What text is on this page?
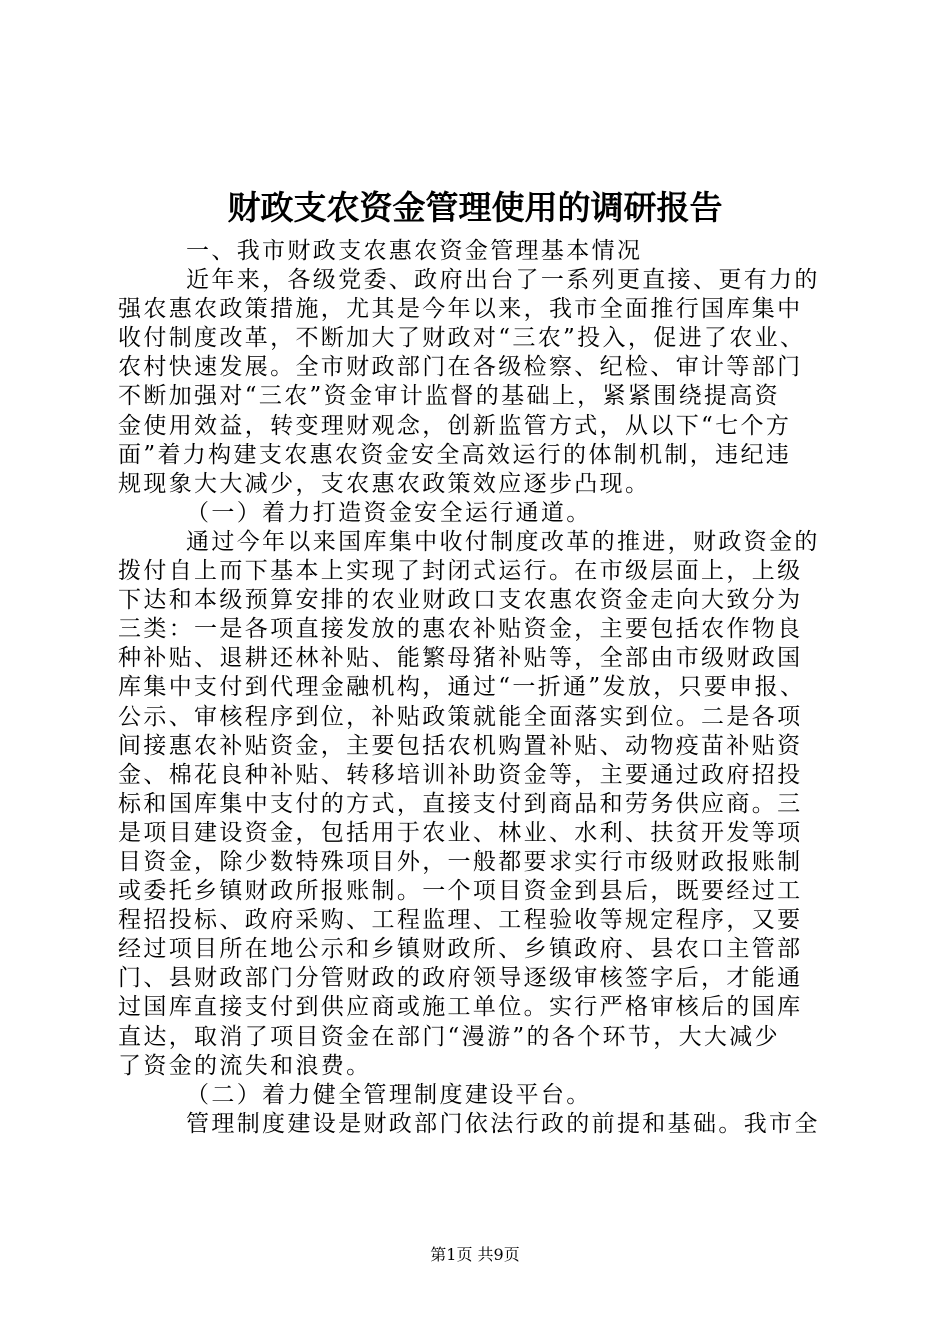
财政支农资金管理使用的调研报告
一、我市财政支农惠农资金管理基本情况
近年来，各级党委、政府出台了一系列更直接、更有力的
强农惠农政策措施，尤其是今年以来，我市全面推行国库集中
收付制度改革，不断加大了财政对“三农”投入，促进了农业、
农村快速发展。全市财政部门在各级检察、纪检、审计等部门
不断加强对“三农”资金审计监督的基础上，紧紧围绕提高资
金使用效益，转变理财观念，创新监管方式，从以下“七个方
面”着力构建支农惠农资金安全高效运行的体制机制，违纪违
规现象大大减少，支农惠农政策效应逐步凸现。
（一）着力打造资金安全运行通道。
通过今年以来国库集中收付制度改革的推进，财政资金的
拨付自上而下基本上实现了封闭式运行。在市级层面上，上级
下达和本级预算安排的农业财政口支农惠农资金走向大致分为
三类：一是各项直接发放的惠农补贴资金，主要包括农作物良
种补贴、退耕还林补贴、能繁母猪补贴等，全部由市级财政国
库集中支付到代理金融机构，通过“一折通”发放，只要申报、
公示、审核程序到位，补贴政策就能全面落实到位。二是各项
间接惠农补贴资金，主要包括农机购置补贴、动物疫苗补贴资
金、棉花良种补贴、转移培训补助资金等，主要通过政府招投
标和国库集中支付的方式，直接支付到商品和劳务供应商。三
是项目建设资金，包括用于农业、林业、水利、扶贫开发等项
目资金，除少数特殊项目外，一般都要求实行市级财政报账制
或委托乡镇财政所报账制。一个项目资金到县后，既要经过工
程招投标、政府采购、工程监理、工程验收等规定程序，又要
经过项目所在地公示和乡镇财政所、乡镇政府、县农口主管部
门、县财政部门分管财政的政府领导逐级审核签字后，才能通
过国库直接支付到供应商或施工单位。实行严格审核后的国库
直达，取消了项目资金在部门“漫游”的各个环节，大大减少
了资金的流失和浪费。
（二）着力健全管理制度建设平台。
管理制度建设是财政部门依法行政的前提和基础。我市全
第1页 共9页
